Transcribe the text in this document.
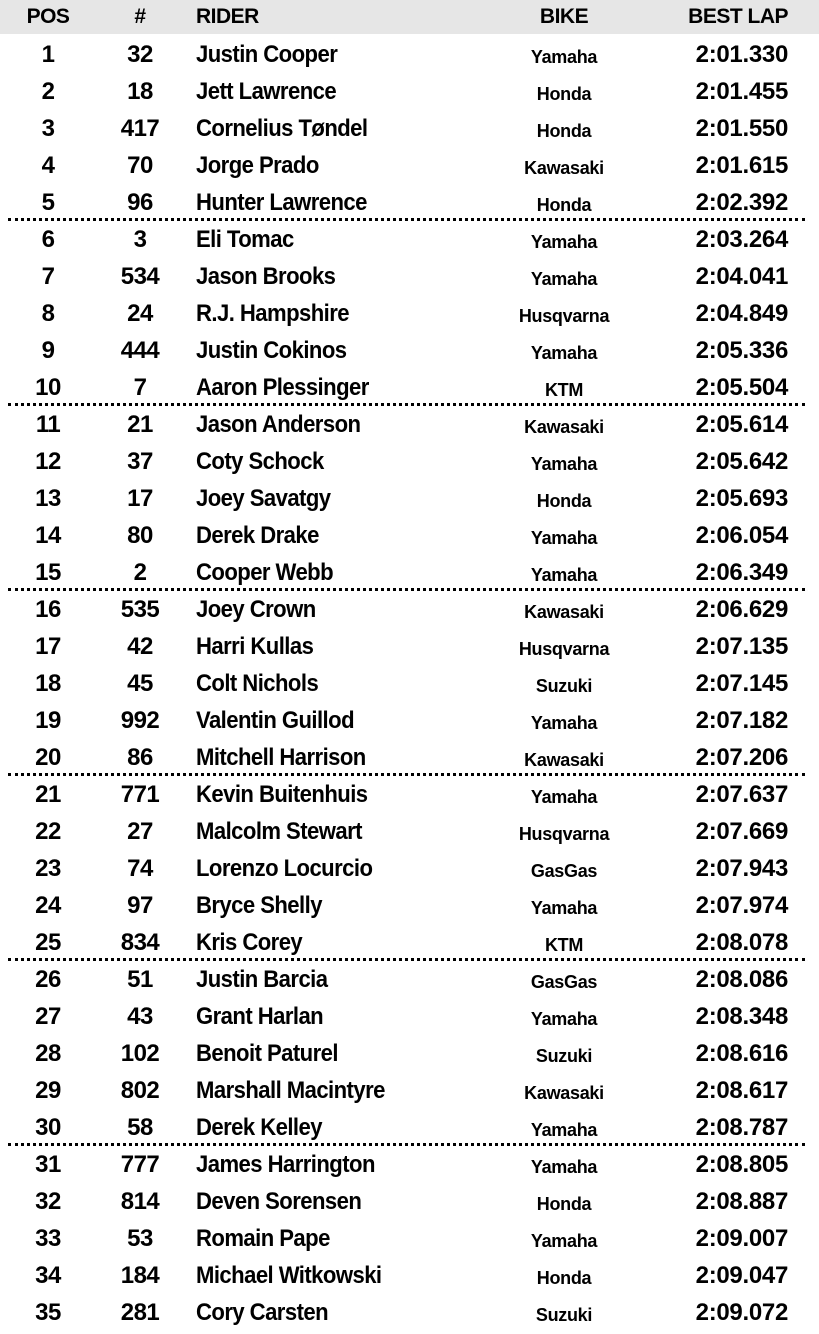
POS	#	RIDER	BIKE	BEST LAP
1	32	Justin Cooper	Yamaha	2:01.330
2	18	Jett Lawrence	Honda	2:01.455
3	417	Cornelius Tøndel	Honda	2:01.550
4	70	Jorge Prado	Kawasaki	2:01.615
5	96	Hunter Lawrence	Honda	2:02.392
6	3	Eli Tomac	Yamaha	2:03.264
7	534	Jason Brooks	Yamaha	2:04.041
8	24	R.J. Hampshire	Husqvarna	2:04.849
9	444	Justin Cokinos	Yamaha	2:05.336
10	7	Aaron Plessinger	KTM	2:05.504
11	21	Jason Anderson	Kawasaki	2:05.614
12	37	Coty Schock	Yamaha	2:05.642
13	17	Joey Savatgy	Honda	2:05.693
14	80	Derek Drake	Yamaha	2:06.054
15	2	Cooper Webb	Yamaha	2:06.349
16	535	Joey Crown	Kawasaki	2:06.629
17	42	Harri Kullas	Husqvarna	2:07.135
18	45	Colt Nichols	Suzuki	2:07.145
19	992	Valentin Guillod	Yamaha	2:07.182
20	86	Mitchell Harrison	Kawasaki	2:07.206
21	771	Kevin Buitenhuis	Yamaha	2:07.637
22	27	Malcolm Stewart	Husqvarna	2:07.669
23	74	Lorenzo Locurcio	GasGas	2:07.943
24	97	Bryce Shelly	Yamaha	2:07.974
25	834	Kris Corey	KTM	2:08.078
26	51	Justin Barcia	GasGas	2:08.086
27	43	Grant Harlan	Yamaha	2:08.348
28	102	Benoit Paturel	Suzuki	2:08.616
29	802	Marshall Macintyre	Kawasaki	2:08.617
30	58	Derek Kelley	Yamaha	2:08.787
31	777	James Harrington	Yamaha	2:08.805
32	814	Deven Sorensen	Honda	2:08.887
33	53	Romain Pape	Yamaha	2:09.007
34	184	Michael Witkowski	Honda	2:09.047
35	281	Cory Carsten	Suzuki	2:09.072
